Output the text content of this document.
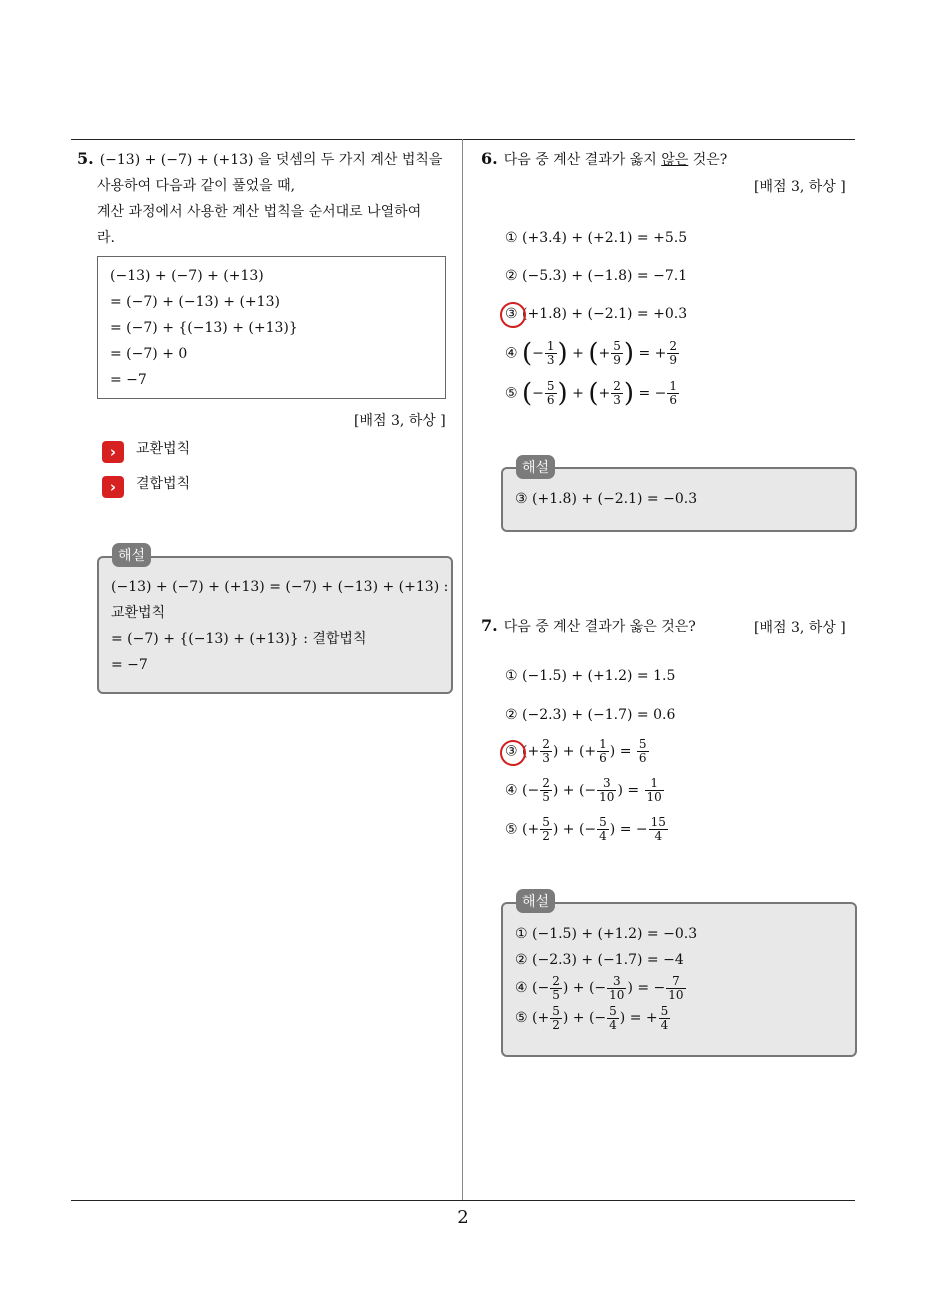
5. (−13) + (−7) + (+13) 을 덧셈의 두 가지 계산 법칙을
사용하여 다음과 같이 풀었을 때,
계산 과정에서 사용한 계산 법칙을 순서대로 나열하여
라.
(−13) + (−7) + (+13)
= (−7) + (−13) + (+13)
= (−7) + {(−13) + (+13)}
= (−7) + 0
= −7
[배점 3, 하상 ]
›	교환법칙
›	결합법칙
(−13) + (−7) + (+13) = (−7) + (−13) + (+13) :
교환법칙
= (−7) + {(−13) + (+13)} : 결합법칙
= −7
해설
6. 다음 중 계산 결과가 옳지 않은 것은?
[배점 3, 하상 ]
① (+3.4) + (+2.1) = +5.5
② (−5.3) + (−1.8) = −7.1
③ (+1.8) + (−2.1) = +0.3
④ (− $\frac{1}{3}$ ) + (+ $\frac{5}{9}$ ) = + $\frac{2}{9}$
⑤ (− $\frac{5}{6}$ ) + (+ $\frac{2}{3}$ ) = − $\frac{1}{6}$
③ (+1.8) + (−2.1) = −0.3
해설
7. 다음 중 계산 결과가 옳은 것은?	[배점 3, 하상 ]
① (−1.5) + (+1.2) = 1.5
② (−2.3) + (−1.7) = 0.6
③ (+ $\frac{2}{3}$ ) + (+ $\frac{1}{6}$ ) = $\frac{5}{6}$
④ (− $\frac{2}{5}$ ) + (− $\frac{3}{10}$ ) = $\frac{1}{10}$
⑤ (+ $\frac{5}{2}$ ) + (− $\frac{5}{4}$ ) = − $\frac{15}{4}$
① (−1.5) + (+1.2) = −0.3
② (−2.3) + (−1.7) = −4
④ (− $\frac{2}{5}$ ) + (− $\frac{3}{10}$ ) = − $\frac{7}{10}$
⑤ (+ $\frac{5}{2}$ ) + (− $\frac{5}{4}$ ) = + $\frac{5}{4}$
해설
2
